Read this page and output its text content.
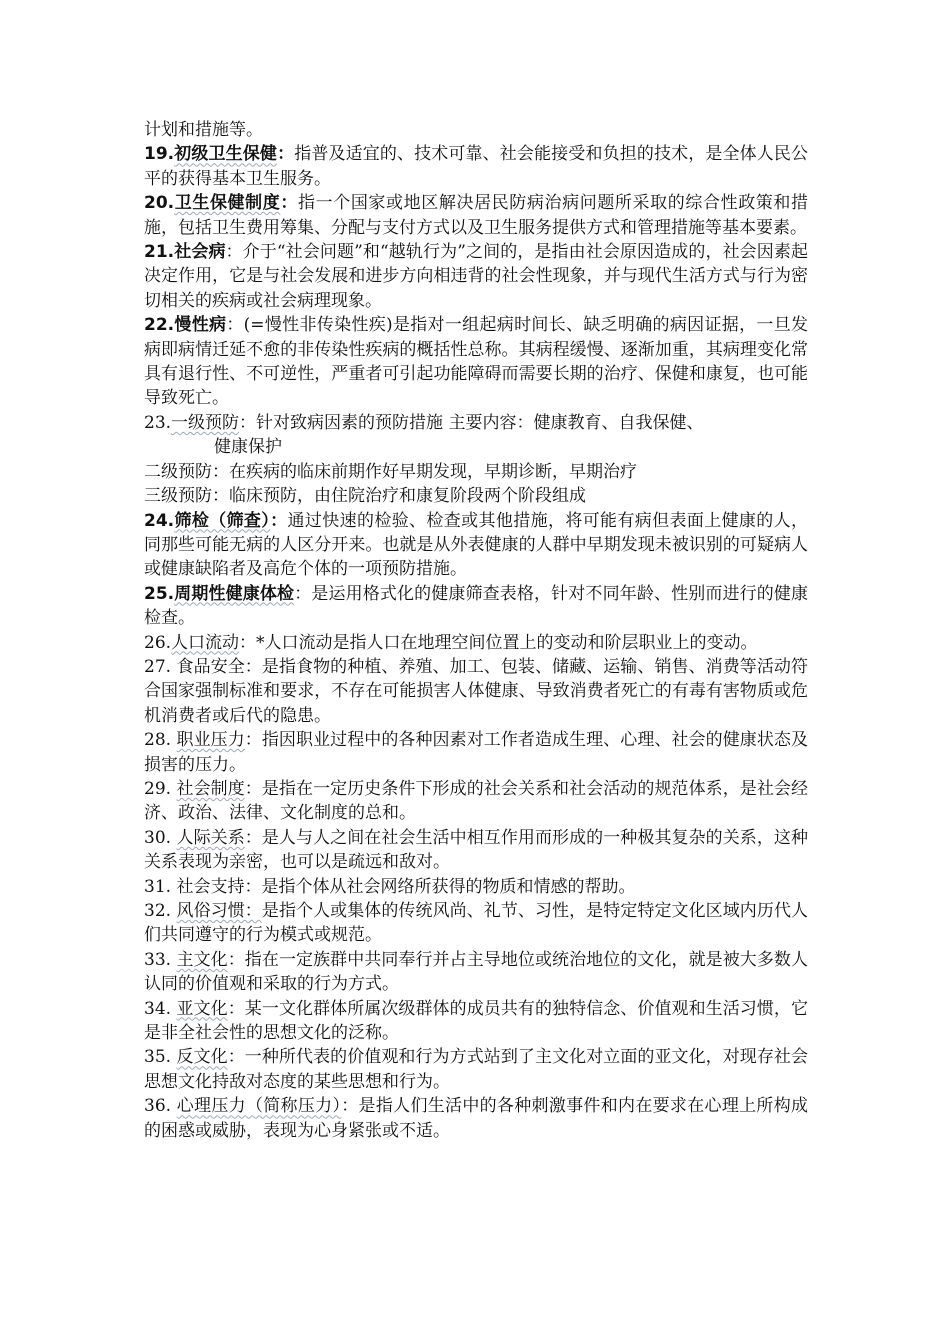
计划和措施等。

19.初级卫生保健：指普及适宜的、技术可靠、社会能接受和负担的技术，是全体人民公平的获得基本卫生服务。

20.卫生保健制度：指一个国家或地区解决居民防病治病问题所采取的综合性政策和措施，包括卫生费用筹集、分配与支付方式以及卫生服务提供方式和管理措施等基本要素。

21.社会病：介于“社会问题”和“越轨行为”之间的，是指由社会原因造成的，社会因素起决定作用，它是与社会发展和进步方向相违背的社会性现象，并与现代生活方式与行为密切相关的疾病或社会病理现象。

22.慢性病：(=慢性非传染性疾)是指对一组起病时间长、缺乏明确的病因证据，一旦发病即病情迁延不愈的非传染性疾病的概括性总称。其病程缓慢、逐渐加重，其病理变化常具有退行性、不可逆性，严重者可引起功能障碍而需要长期的治疗、保健和康复，也可能导致死亡。

23.一级预防：针对致病因素的预防措施 主要内容：健康教育、自我保健、

健康保护

二级预防：在疾病的临床前期作好早期发现，早期诊断，早期治疗

三级预防：临床预防，由住院治疗和康复阶段两个阶段组成

24.筛检（筛查）：通过快速的检验、检查或其他措施，将可能有病但表面上健康的人，同那些可能无病的人区分开来。也就是从外表健康的人群中早期发现未被识别的可疑病人或健康缺陷者及高危个体的一项预防措施。

25.周期性健康体检：是运用格式化的健康筛查表格，针对不同年龄、性别而进行的健康检查。

26.人口流动：*人口流动是指人口在地理空间位置上的变动和阶层职业上的变动。

27. 食品安全：是指食物的种植、养殖、加工、包装、储藏、运输、销售、消费等活动符合国家强制标准和要求，不存在可能损害人体健康、导致消费者死亡的有毒有害物质或危机消费者或后代的隐患。

28. 职业压力：指因职业过程中的各种因素对工作者造成生理、心理、社会的健康状态及损害的压力。

29. 社会制度：是指在一定历史条件下形成的社会关系和社会活动的规范体系，是社会经济、政治、法律、文化制度的总和。

30. 人际关系：是人与人之间在社会生活中相互作用而形成的一种极其复杂的关系，这种关系表现为亲密，也可以是疏远和敌对。

31. 社会支持：是指个体从社会网络所获得的物质和情感的帮助。

32. 风俗习惯：是指个人或集体的传统风尚、礼节、习性，是特定特定文化区域内历代人们共同遵守的行为模式或规范。

33. 主文化：指在一定族群中共同奉行并占主导地位或统治地位的文化，就是被大多数人认同的价值观和采取的行为方式。

34. 亚文化：某一文化群体所属次级群体的成员共有的独特信念、价值观和生活习惯，它是非全社会性的思想文化的泛称。

35. 反文化：一种所代表的价值观和行为方式站到了主文化对立面的亚文化，对现存社会思想文化持敌对态度的某些思想和行为。

36. 心理压力（简称压力）：是指人们生活中的各种刺激事件和内在要求在心理上所构成的困惑或威胁，表现为心身紧张或不适。
